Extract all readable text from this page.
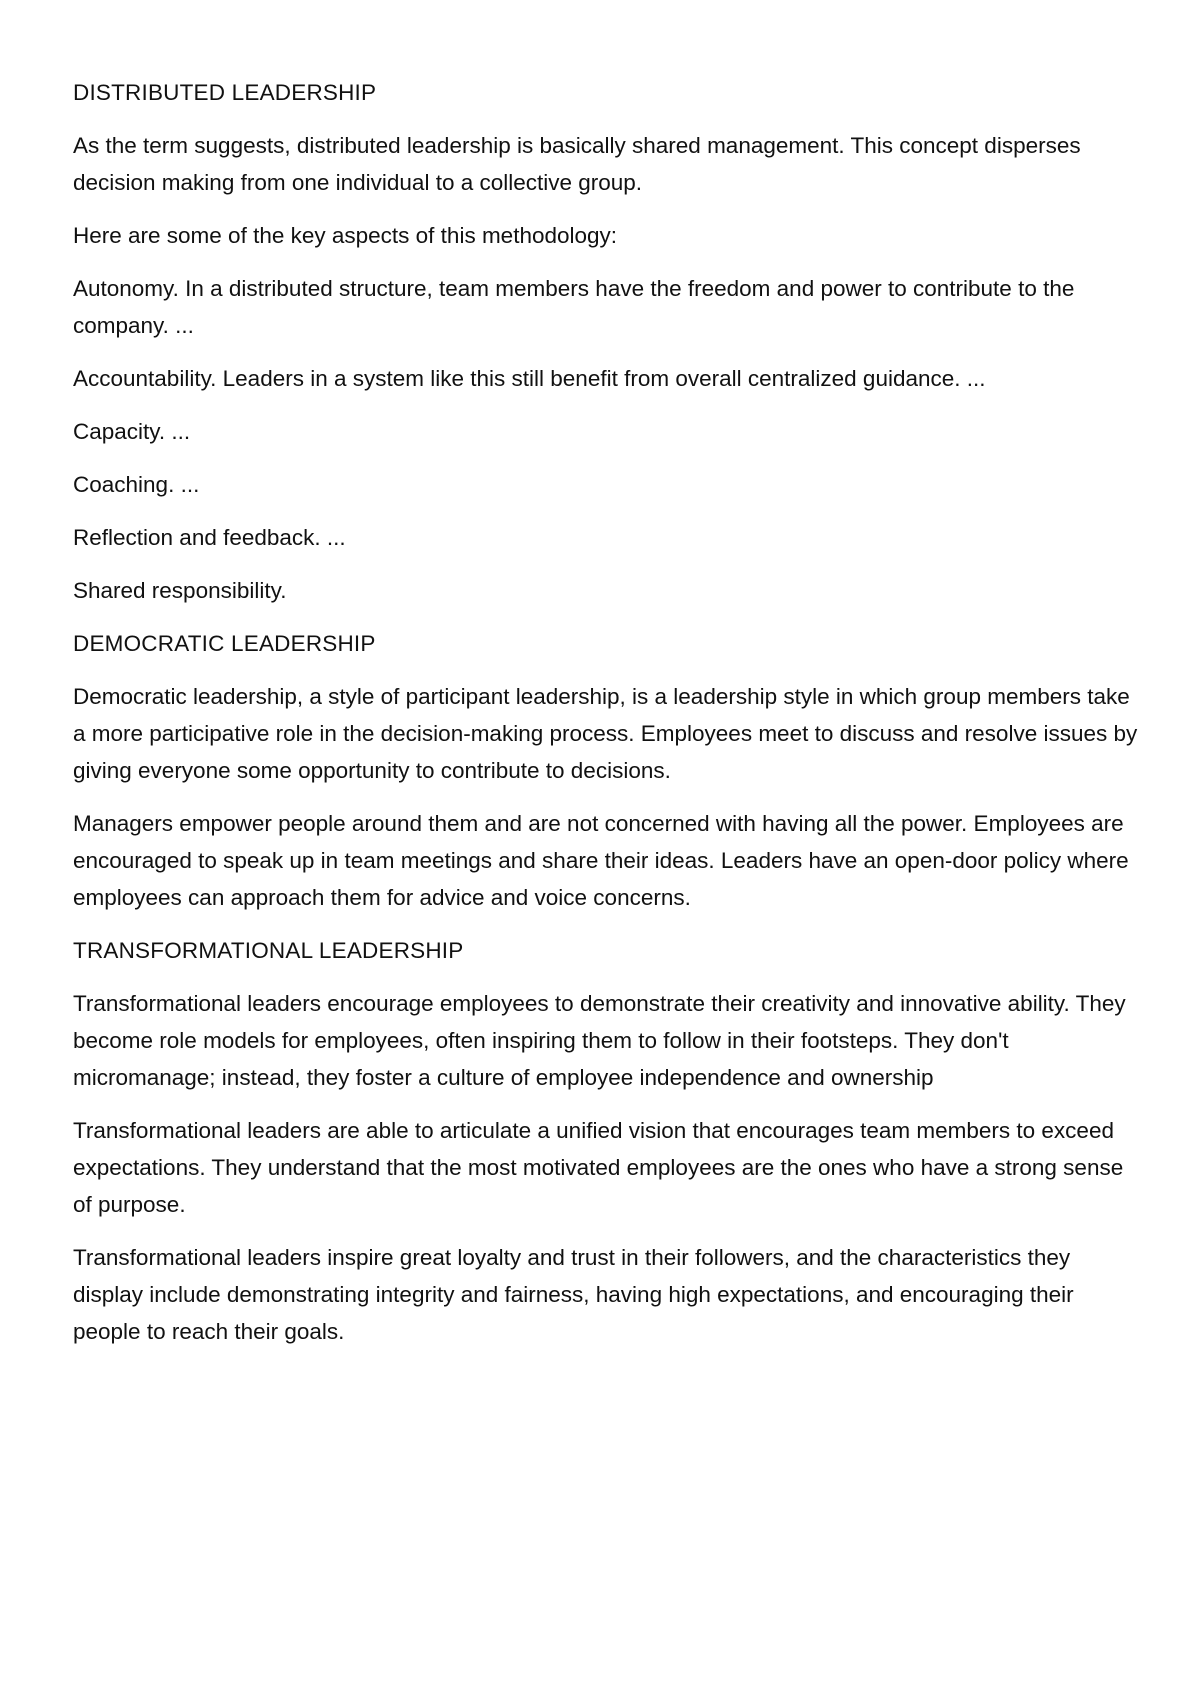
DISTRIBUTED LEADERSHIP

As the term suggests, distributed leadership is basically shared management. This concept disperses decision making from one individual to a collective group.

Here are some of the key aspects of this methodology:

Autonomy. In a distributed structure, team members have the freedom and power to contribute to the company. ...

Accountability. Leaders in a system like this still benefit from overall centralized guidance. ...

Capacity. ...

Coaching. ...

Reflection and feedback. ...

Shared responsibility.

DEMOCRATIC LEADERSHIP

Democratic leadership, a style of participant leadership, is a leadership style in which group members take a more participative role in the decision-making process. Employees meet to discuss and resolve issues by giving everyone some opportunity to contribute to decisions.

Managers empower people around them and are not concerned with having all the power. Employees are encouraged to speak up in team meetings and share their ideas. Leaders have an open-door policy where employees can approach them for advice and voice concerns.

TRANSFORMATIONAL LEADERSHIP

Transformational leaders encourage employees to demonstrate their creativity and innovative ability. They become role models for employees, often inspiring them to follow in their footsteps. They don't micromanage; instead, they foster a culture of employee independence and ownership

Transformational leaders are able to articulate a unified vision that encourages team members to exceed expectations. They understand that the most motivated employees are the ones who have a strong sense of purpose.

Transformational leaders inspire great loyalty and trust in their followers, and the characteristics they display include demonstrating integrity and fairness, having high expectations, and encouraging their people to reach their goals.
